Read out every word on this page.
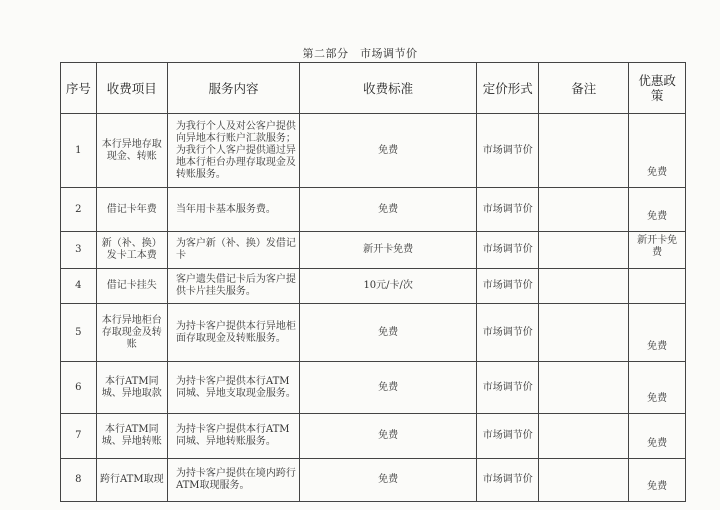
第二部分　市场调节价
序号	收费项目	服务内容	收费标准	定价形式	备注	优惠政策
1	本行异地存取现金、转账	为我行个人及对公客户提供向异地本行账户汇款服务；为我行个人客户提供通过异地本行柜台办理存取现金及转账服务。	免费	市场调节价		免费
2	借记卡年费	当年用卡基本服务费。	免费	市场调节价		免费
3	新（补、换）发卡工本费	为客户新（补、换）发借记卡	新开卡免费	市场调节价		新开卡免费
4	借记卡挂失	客户遗失借记卡后为客户提供卡片挂失服务。	10元/卡/次	市场调节价		
5	本行异地柜台存取现金及转账	为持卡客户提供本行异地柜面存取现金及转账服务。	免费	市场调节价		免费
6	本行ATM同城、异地取款	为持卡客户提供本行ATM同城、异地支取现金服务。	免费	市场调节价		免费
7	本行ATM同城、异地转账	为持卡客户提供本行ATM同城、异地转账服务。	免费	市场调节价		免费
8	跨行ATM取现	为持卡客户提供在境内跨行ATM取现服务。	免费	市场调节价		免费
